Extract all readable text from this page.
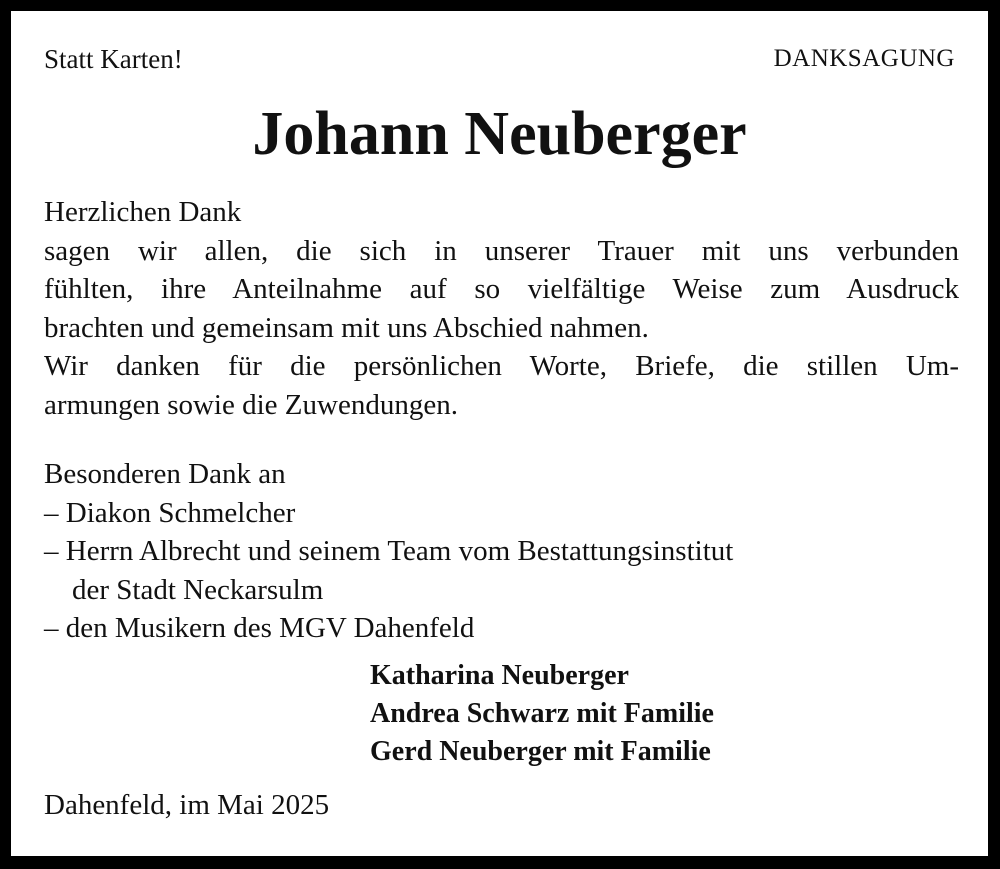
Statt Karten!	DANKSAGUNG
Johann Neuberger
Herzlichen Dank
sagen wir allen, die sich in unserer Trauer mit uns verbunden
fühlten, ihre Anteilnahme auf so vielfältige Weise zum Ausdruck
brachten und gemeinsam mit uns Abschied nahmen.
Wir danken für die persönlichen Worte, Briefe, die stillen Um-
armungen sowie die Zuwendungen.
Besonderen Dank an
– Diakon Schmelcher
– Herrn Albrecht und seinem Team vom Bestattungsinstitut
der Stadt Neckarsulm
– den Musikern des MGV Dahenfeld
Katharina Neuberger
Andrea Schwarz mit Familie
Gerd Neuberger mit Familie
Dahenfeld, im Mai 2025
